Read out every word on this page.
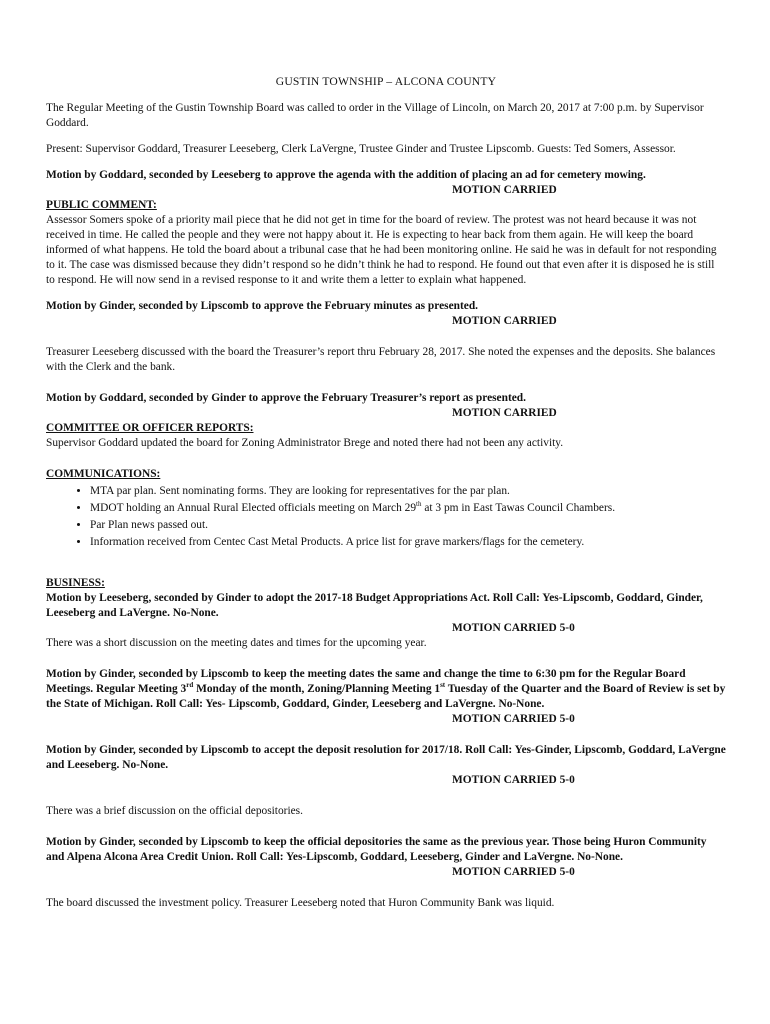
GUSTIN TOWNSHIP – ALCONA COUNTY

The Regular Meeting of the Gustin Township Board was called to order in the Village of Lincoln, on March 20, 2017 at 7:00 p.m. by Supervisor Goddard.

Present: Supervisor Goddard, Treasurer Leeseberg, Clerk LaVergne, Trustee Ginder and Trustee Lipscomb. Guests: Ted Somers, Assessor.

Motion by Goddard, seconded by Leeseberg to approve the agenda with the addition of placing an ad for cemetery mowing.

MOTION CARRIED
PUBLIC COMMENT:

Assessor Somers spoke of a priority mail piece that he did not get in time for the board of review. The protest was not heard because it was not received in time. He called the people and they were not happy about it. He is expecting to hear back from them again. He will keep the board informed of what happens. He told the board about a tribunal case that he had been monitoring online. He said he was in default for not responding to it. The case was dismissed because they didn’t respond so he didn’t think he had to respond. He found out that even after it is disposed he is still to respond. He will now send in a revised response to it and write them a letter to explain what happened.

Motion by Ginder, seconded by Lipscomb to approve the February minutes as presented.

MOTION CARRIED

Treasurer Leeseberg discussed with the board the Treasurer’s report thru February 28, 2017. She noted the expenses and the deposits. She balances with the Clerk and the bank.

Motion by Goddard, seconded by Ginder to approve the February Treasurer’s report as presented.

MOTION CARRIED
COMMITTEE OR OFFICER REPORTS:

Supervisor Goddard updated the board for Zoning Administrator Brege and noted there had not been any activity.

COMMUNICATIONS:
• MTA par plan. Sent nominating forms. They are looking for representatives for the par plan.
• MDOT holding an Annual Rural Elected officials meeting on March 29th at 3 pm in East Tawas Council Chambers.
• Par Plan news passed out.
• Information received from Centec Cast Metal Products. A price list for grave markers/flags for the cemetery.
BUSINESS:

Motion by Leeseberg, seconded by Ginder to adopt the 2017-18 Budget Appropriations Act. Roll Call: Yes-Lipscomb, Goddard, Ginder, Leeseberg and LaVergne. No-None.

MOTION CARRIED 5-0

There was a short discussion on the meeting dates and times for the upcoming year.

Motion by Ginder, seconded by Lipscomb to keep the meeting dates the same and change the time to 6:30 pm for the Regular Board Meetings. Regular Meeting 3rd Monday of the month, Zoning/Planning Meeting 1st Tuesday of the Quarter and the Board of Review is set by the State of Michigan. Roll Call: Yes- Lipscomb, Goddard, Ginder, Leeseberg and LaVergne. No-None.

MOTION CARRIED 5-0

Motion by Ginder, seconded by Lipscomb to accept the deposit resolution for 2017/18. Roll Call: Yes-Ginder, Lipscomb, Goddard, LaVergne and Leeseberg. No-None.

MOTION CARRIED 5-0

There was a brief discussion on the official depositories.

Motion by Ginder, seconded by Lipscomb to keep the official depositories the same as the previous year. Those being Huron Community and Alpena Alcona Area Credit Union. Roll Call: Yes-Lipscomb, Goddard, Leeseberg, Ginder and LaVergne. No-None.

MOTION CARRIED 5-0

The board discussed the investment policy. Treasurer Leeseberg noted that Huron Community Bank was liquid.
